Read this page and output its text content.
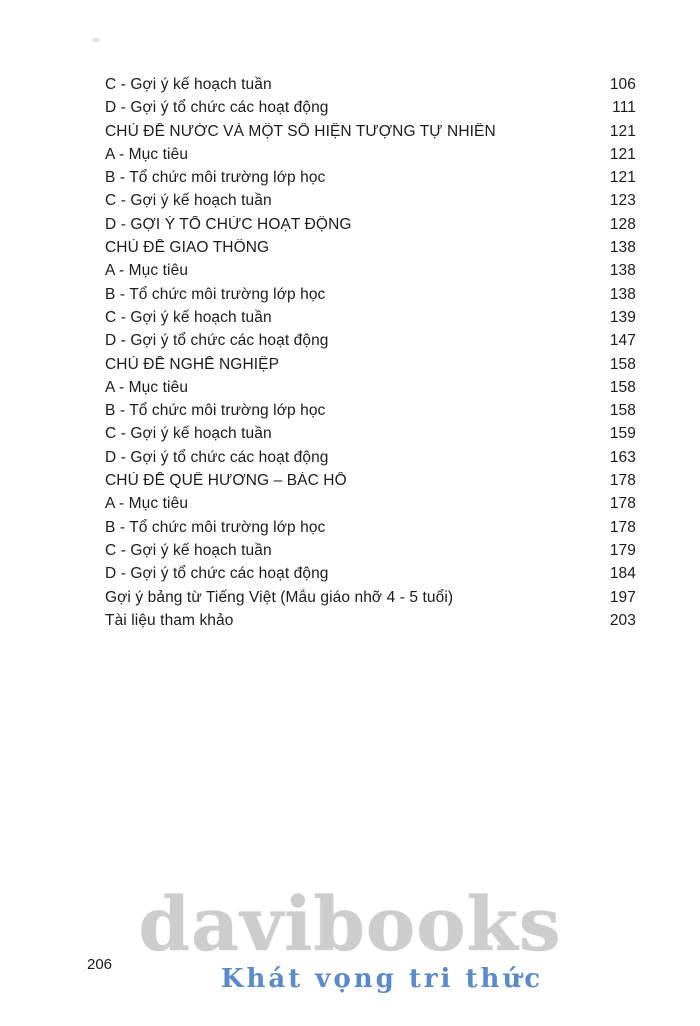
C - Gợi ý kế hoạch tuần	106
D - Gợi ý tổ chức các hoạt động	111
CHỦ ĐỀ NƯỚC VÀ MỘT SỐ HIỆN TƯỢNG TỰ NHIÊN	121
A - Mục tiêu	121
B - Tổ chức môi trường lớp học	121
C - Gợi ý kế hoạch tuần	123
D - GỢI Ý TỔ CHỨC HOẠT ĐỘNG	128
CHỦ ĐỀ GIAO THÔNG	138
A - Mục tiêu	138
B - Tổ chức môi trường lớp học	138
C - Gợi ý kế hoạch tuần	139
D - Gợi ý tổ chức các hoạt động	147
CHỦ ĐỀ NGHỀ NGHIỆP	158
A - Mục tiêu	158
B - Tổ chức môi trường lớp học	158
C - Gợi ý kế hoạch tuần	159
D - Gợi ý tổ chức các hoạt động	163
CHỦ ĐỀ QUÊ HƯƠNG – BÁC HỒ	178
A - Mục tiêu	178
B - Tổ chức môi trường lớp học	178
C - Gợi ý kế hoạch tuần	179
D - Gợi ý tổ chức các hoạt động	184
Gợi ý bảng từ Tiếng Việt (Mẫu giáo nhỡ 4 - 5 tuổi)	197
Tài liệu tham khảo	203
davibooks
Khát vọng tri thức
206
